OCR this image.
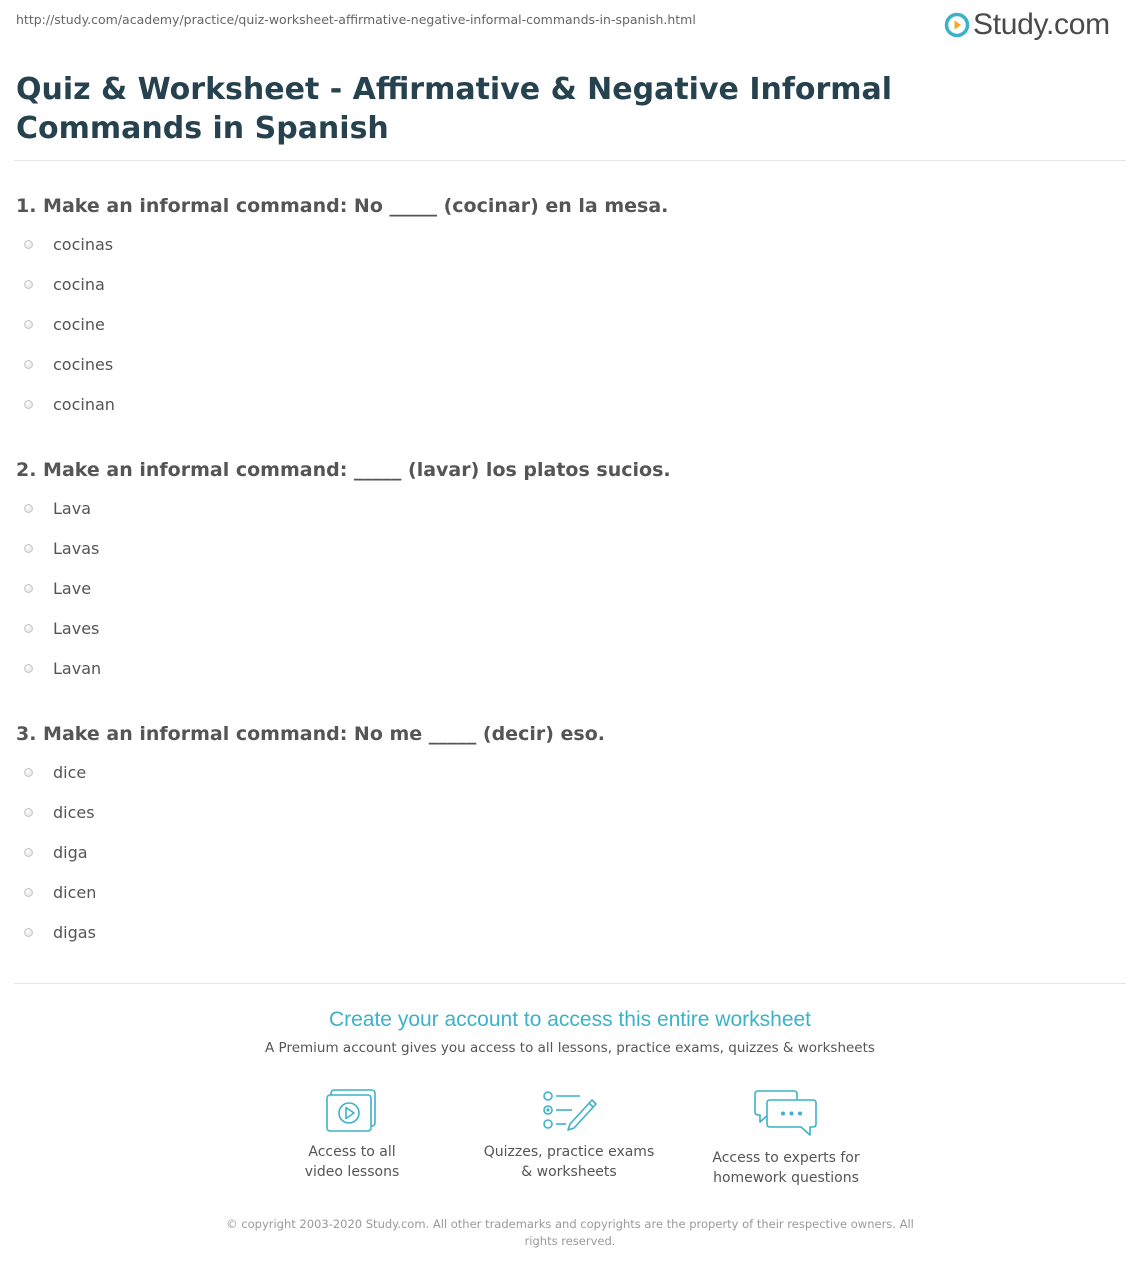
http://study.com/academy/practice/quiz-worksheet-affirmative-negative-informal-commands-in-spanish.html	Study.com
Quiz & Worksheet - Affirmative & Negative Informal Commands in Spanish

1. Make an informal command: No _____ (cocinar) en la mesa.

cocinas
cocina
cocine
cocines
cocinan

2. Make an informal command: _____ (lavar) los platos sucios.

Lava
Lavas
Lave
Laves
Lavan

3. Make an informal command: No me _____ (decir) eso.

dice
dices
diga
dicen
digas

Create your account to access this entire worksheet

A Premium account gives you access to all lessons, practice exams, quizzes & worksheets
Access to all
video lessons
Quizzes, practice exams
& worksheets
Access to experts for
homework questions
© copyright 2003-2020 Study.com. All other trademarks and copyrights are the property of their respective owners. All rights reserved.
